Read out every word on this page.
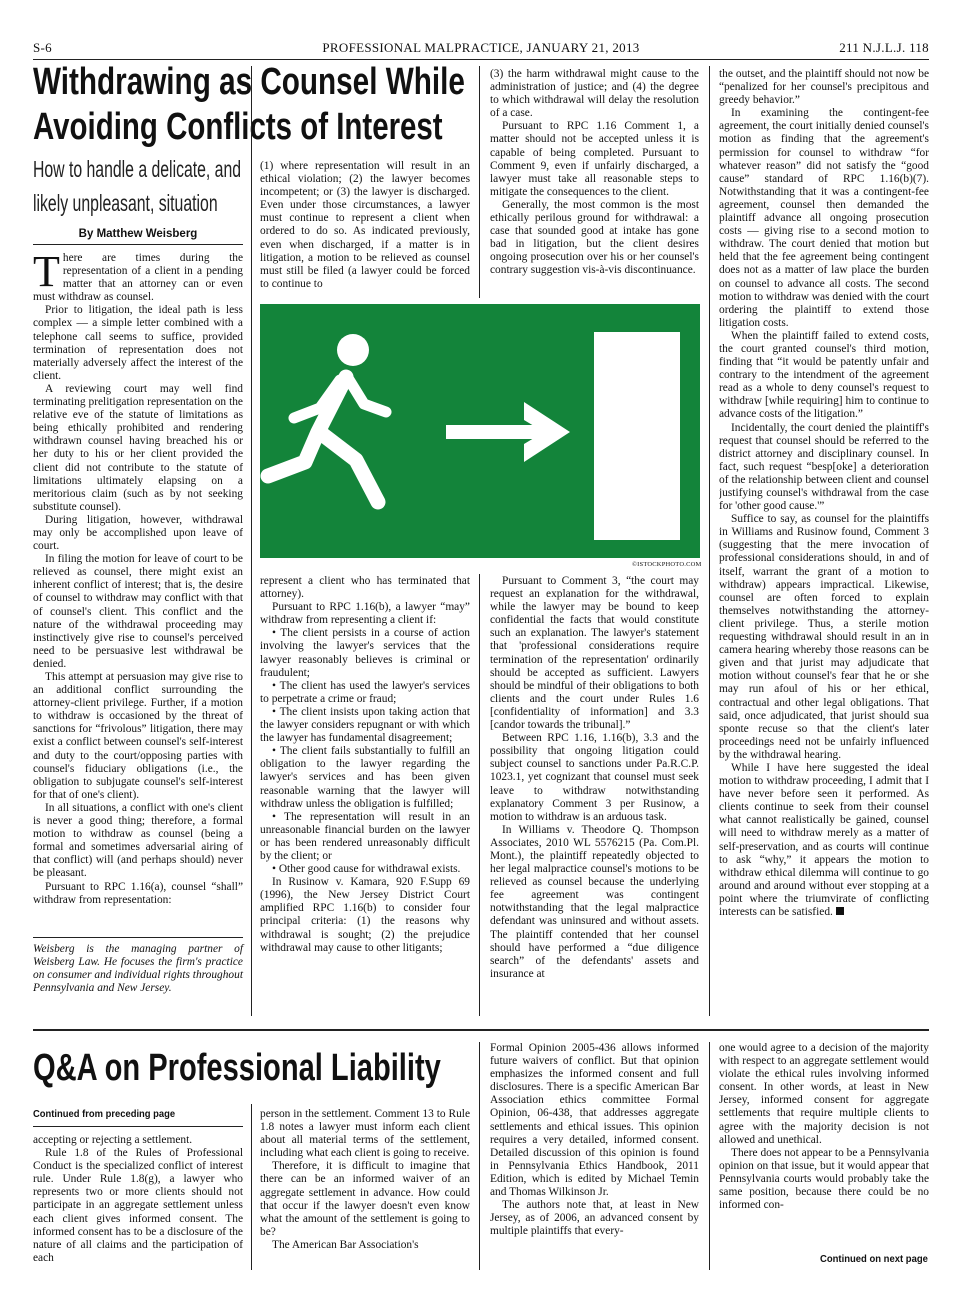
S-6	PROFESSIONAL MALPRACTICE, JANUARY 21, 2013	211 N.J.L.J. 118
Withdrawing as Counsel While
Avoiding Conflicts of Interest
How to handle a delicate, and
likely unpleasant, situation
By Matthew Weisberg

There are times during the representation of a client in a pending matter that an attorney can or even must withdraw as counsel.

Prior to litigation, the ideal path is less complex — a simple letter combined with a telephone call seems to suffice, provided termination of representation does not materially adversely affect the interest of the client.

A reviewing court may well find terminating prelitigation representation on the relative eve of the statute of limitations as being ethically prohibited and rendering withdrawn counsel having breached his or her duty to his or her client provided the client did not contribute to the statute of limitations ultimately elapsing on a meritorious claim (such as by not seeking substitute counsel).

During litigation, however, withdrawal may only be accomplished upon leave of court.

In filing the motion for leave of court to be relieved as counsel, there might exist an inherent conflict of interest; that is, the desire of counsel to withdraw may conflict with that of counsel's client. This conflict and the nature of the withdrawal proceeding may instinctively give rise to counsel's perceived need to be persuasive lest withdrawal be denied.

This attempt at persuasion may give rise to an additional conflict surrounding the attorney-client privilege. Further, if a motion to withdraw is occasioned by the threat of sanctions for “frivolous” litigation, there may exist a conflict between counsel's self-interest and duty to the court/opposing parties with counsel's fiduciary obligations (i.e., the obligation to subjugate counsel's self-interest for that of one's client).

In all situations, a conflict with one's client is never a good thing; therefore, a formal motion to withdraw as counsel (being a formal and sometimes adversarial airing of that conflict) will (and perhaps should) never be pleasant.

Pursuant to RPC 1.16(a), counsel “shall” withdraw from representation:

Weisberg is the managing partner of Weisberg Law. He focuses the firm's practice on consumer and individual rights throughout Pennsylvania and New Jersey.

(1) where representation will result in an ethical violation; (2) the lawyer becomes incompetent; or (3) the lawyer is discharged. Even under those circumstances, a lawyer must continue to represent a client when ordered to do so. As indicated previously, even when discharged, if a matter is in litigation, a motion to be relieved as counsel must still be filed (a lawyer could be forced to continue to

(3) the harm withdrawal might cause to the administration of justice; and (4) the degree to which withdrawal will delay the resolution of a case.

Pursuant to RPC 1.16 Comment 1, a matter should not be accepted unless it is capable of being completed. Pursuant to Comment 9, even if unfairly discharged, a lawyer must take all reasonable steps to mitigate the consequences to the client.

Generally, the most common is the most ethically perilous ground for withdrawal: a case that sounded good at intake has gone bad in litigation, but the client desires ongoing prosecution over his or her counsel's contrary suggestion vis-à-vis discontinuance.

©ISTOCKPHOTO.COM

represent a client who has terminated that attorney).

Pursuant to RPC 1.16(b), a lawyer “may” withdraw from representing a client if:

• The client persists in a course of action involving the lawyer's services that the lawyer reasonably believes is criminal or fraudulent;

• The client has used the lawyer's services to perpetrate a crime or fraud;

• The client insists upon taking action that the lawyer considers repugnant or with which the lawyer has fundamental disagreement;

• The client fails substantially to fulfill an obligation to the lawyer regarding the lawyer's services and has been given reasonable warning that the lawyer will withdraw unless the obligation is fulfilled;

• The representation will result in an unreasonable financial burden on the lawyer or has been rendered unreasonably difficult by the client; or

• Other good cause for withdrawal exists.

In Rusinow v. Kamara, 920 F.Supp 69 (1996), the New Jersey District Court amplified RPC 1.16(b) to consider four principal criteria: (1) the reasons why withdrawal is sought; (2) the prejudice withdrawal may cause to other litigants;

Pursuant to Comment 3, “the court may request an explanation for the withdrawal, while the lawyer may be bound to keep confidential the facts that would constitute such an explanation. The lawyer's statement that 'professional considerations require termination of the representation' ordinarily should be accepted as sufficient. Lawyers should be mindful of their obligations to both clients and the court under Rules 1.6 [confidentiality of information] and 3.3 [candor towards the tribunal].”

Between RPC 1.16, 1.16(b), 3.3 and the possibility that ongoing litigation could subject counsel to sanctions under Pa.R.C.P. 1023.1, yet cognizant that counsel must seek leave to withdraw notwithstanding explanatory Comment 3 per Rusinow, a motion to withdraw is an arduous task.

In Williams v. Theodore Q. Thompson Associates, 2010 WL 5576215 (Pa. Com.Pl. Mont.), the plaintiff repeatedly objected to her legal malpractice counsel's motions to be relieved as counsel because the underlying fee agreement was contingent notwithstanding that the legal malpractice defendant was uninsured and without assets. The plaintiff contended that her counsel should have performed a “due diligence search” of the defendants' assets and insurance at

the outset, and the plaintiff should not now be “penalized for her counsel's precipitous and greedy behavior.”

In examining the contingent-fee agreement, the court initially denied counsel's motion as finding that the agreement's permission for counsel to withdraw “for whatever reason” did not satisfy the “good cause” standard of RPC 1.16(b)(7). Notwithstanding that it was a contingent-fee agreement, counsel then demanded the plaintiff advance all ongoing prosecution costs — giving rise to a second motion to withdraw. The court denied that motion but held that the fee agreement being contingent does not as a matter of law place the burden on counsel to advance all costs. The second motion to withdraw was denied with the court ordering the plaintiff to extend those litigation costs.

When the plaintiff failed to extend costs, the court granted counsel's third motion, finding that “it would be patently unfair and contrary to the intendment of the agreement read as a whole to deny counsel's request to withdraw [while requiring] him to continue to advance costs of the litigation.”

Incidentally, the court denied the plaintiff's request that counsel should be referred to the district attorney and disciplinary counsel. In fact, such request “besp[oke] a deterioration of the relationship between client and counsel justifying counsel's withdrawal from the case for 'other good cause.'”

Suffice to say, as counsel for the plaintiffs in Williams and Rusinow found, Comment 3 (suggesting that the mere invocation of professional considerations should, in and of itself, warrant the grant of a motion to withdraw) appears impractical. Likewise, counsel are often forced to explain themselves notwithstanding the attorney-client privilege. Thus, a sterile motion requesting withdrawal should result in an in camera hearing whereby those reasons can be given and that jurist may adjudicate that motion without counsel's fear that he or she may run afoul of his or her ethical, contractual and other legal obligations. That said, once adjudicated, that jurist should sua sponte recuse so that the client's later proceedings need not be unfairly influenced by the withdrawal hearing.

While I have here suggested the ideal motion to withdraw proceeding, I admit that I have never before seen it performed. As clients continue to seek from their counsel what cannot realistically be gained, counsel will need to withdraw merely as a matter of self-preservation, and as courts will continue to ask “why,” it appears the motion to withdraw ethical dilemma will continue to go around and around without ever stopping at a point where the triumvirate of conflicting interests can be satisfied.

Q&A on Professional Liability
Continued from preceding page

accepting or rejecting a settlement.

Rule 1.8 of the Rules of Professional Conduct is the specialized conflict of interest rule. Under Rule 1.8(g), a lawyer who represents two or more clients should not participate in an aggregate settlement unless each client gives informed consent. The informed consent has to be a disclosure of the nature of all claims and the participation of each

person in the settlement. Comment 13 to Rule 1.8 notes a lawyer must inform each client about all material terms of the settlement, including what each client is going to receive.

Therefore, it is difficult to imagine that there can be an informed waiver of an aggregate settlement in advance. How could that occur if the lawyer doesn't even know what the amount of the settlement is going to be?

The American Bar Association's

Formal Opinion 2005-436 allows informed future waivers of conflict. But that opinion emphasizes the informed consent and full disclosures. There is a specific American Bar Association ethics committee Formal Opinion, 06-438, that addresses aggregate settlements and ethical issues. This opinion requires a very detailed, informed consent. Detailed discussion of this opinion is found in Pennsylvania Ethics Handbook, 2011 Edition, which is edited by Michael Temin and Thomas Wilkinson Jr.

The authors note that, at least in New Jersey, as of 2006, an advanced consent by multiple plaintiffs that every-

one would agree to a decision of the majority with respect to an aggregate settlement would violate the ethical rules involving informed consent. In other words, at least in New Jersey, informed consent for aggregate settlements that require multiple clients to agree with the majority decision is not allowed and unethical.

There does not appear to be a Pennsylvania opinion on that issue, but it would appear that Pennsylvania courts would probably take the same position, because there could be no informed con-

Continued on next page
